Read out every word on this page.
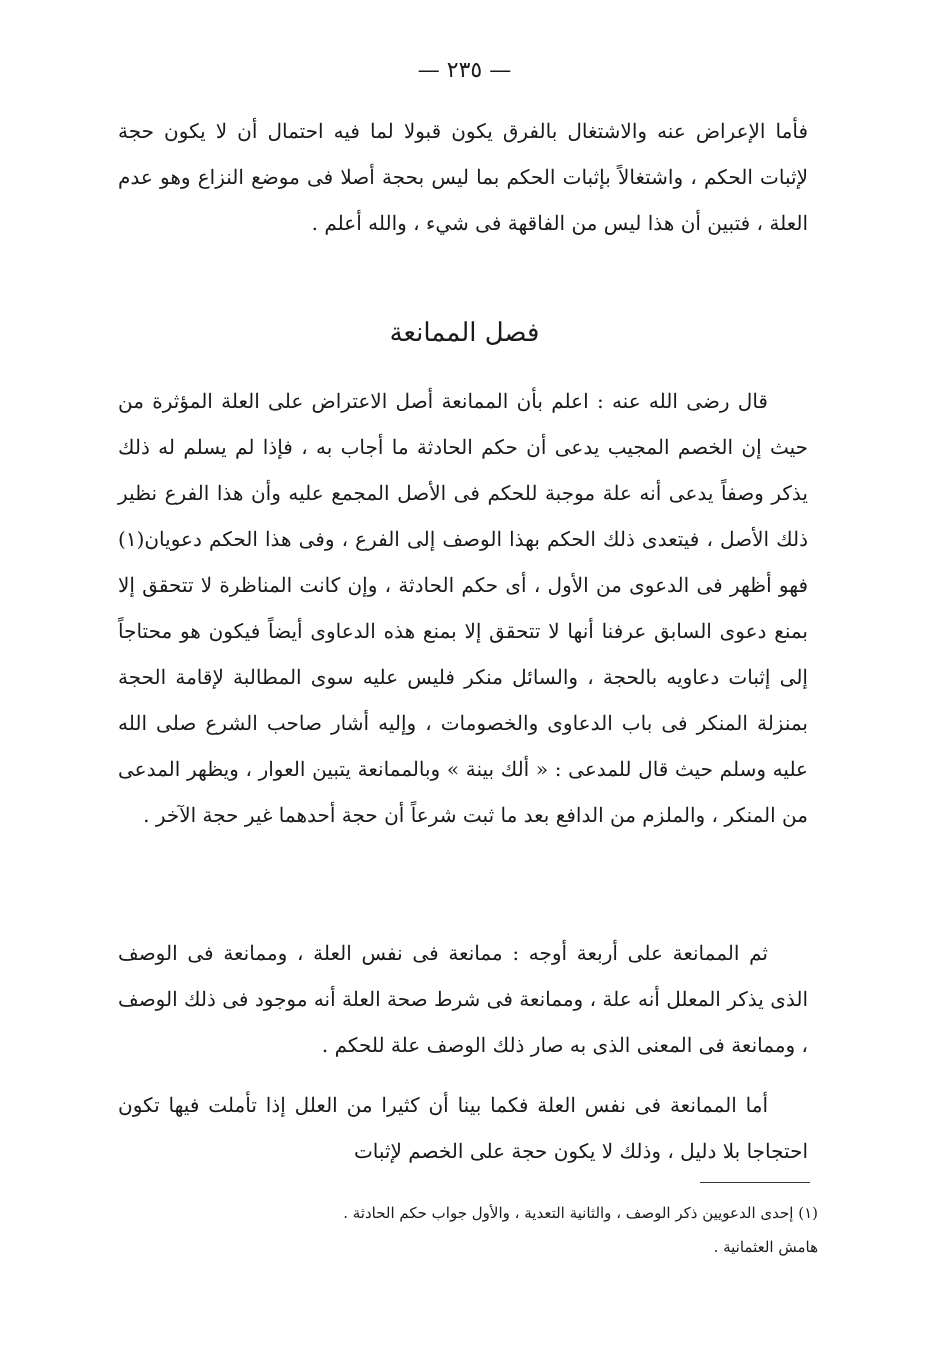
— ٢٣٥ —
فأما الإعراض عنه والاشتغال بالفرق يكون قبولا لما فيه احتمال أن لا يكون حجة لإثبات الحكم ، واشتغالاً بإثبات الحكم بما ليس بحجة أصلا فى موضع النزاع وهو عدم العلة ، فتبين أن هذا ليس من الفاقهة فى شيء ، والله أعلم .
فصل الممانعة
قال رضى الله عنه : اعلم بأن الممانعة أصل الاعتراض على العلة المؤثرة من حيث إن الخصم المجيب يدعى أن حكم الحادثة ما أجاب به ، فإذا لم يسلم له ذلك يذكر وصفاً يدعى أنه علة موجبة للحكم فى الأصل المجمع عليه وأن هذا الفرع نظير ذلك الأصل ، فيتعدى ذلك الحكم بهذا الوصف إلى الفرع ، وفى هذا الحكم دعويان(١) فهو أظهر فى الدعوى من الأول ، أى حكم الحادثة ، وإن كانت المناظرة لا تتحقق إلا بمنع دعوى السابق عرفنا أنها لا تتحقق إلا بمنع هذه الدعاوى أيضاً فيكون هو محتاجاً إلى إثبات دعاويه بالحجة ، والسائل منكر فليس عليه سوى المطالبة لإقامة الحجة بمنزلة المنكر فى باب الدعاوى والخصومات ، وإليه أشار صاحب الشرع صلى الله عليه وسلم حيث قال للمدعى : « ألك بينة » وبالممانعة يتبين العوار ، ويظهر المدعى من المنكر ، والملزم من الدافع بعد ما ثبت شرعاً أن حجة أحدهما غير حجة الآخر .
ثم الممانعة على أربعة أوجه : ممانعة فى نفس العلة ، وممانعة فى الوصف الذى يذكر المعلل أنه علة ، وممانعة فى شرط صحة العلة أنه موجود فى ذلك الوصف ، وممانعة فى المعنى الذى به صار ذلك الوصف علة للحكم .
أما الممانعة فى نفس العلة فكما بينا أن كثيرا من العلل إذا تأملت فيها تكون احتجاجا بلا دليل ، وذلك لا يكون حجة على الخصم لإثبات
(١) إحدى الدعويين ذكر الوصف ، والثانية التعدية ، والأول جواب حكم الحادثة .
هامش العثمانية .
